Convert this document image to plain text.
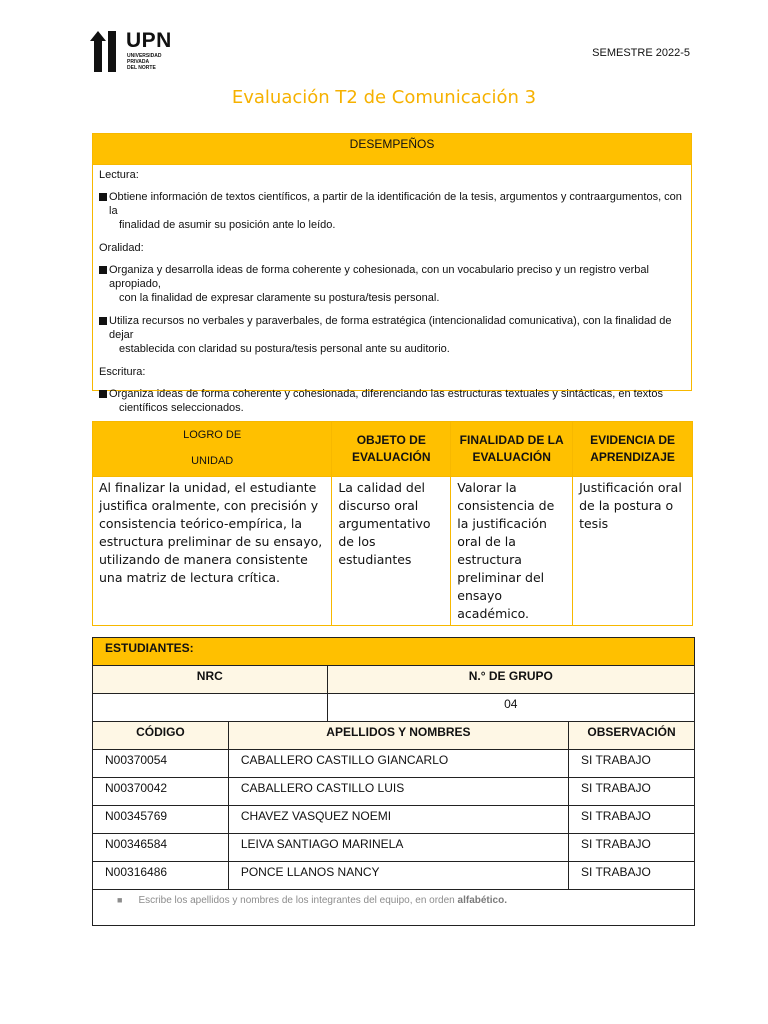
UPN
UNIVERSIDAD
PRIVADA
DEL NORTE
SEMESTRE 2022-5
Evaluación T2 de Comunicación 3
DESEMPEÑOS
Lectura:
Obtiene información de textos científicos, a partir de la identificación de la tesis, argumentos y contraargumentos, con la
finalidad de asumir su posición ante lo leído.
Oralidad:
Organiza y desarrolla ideas de forma coherente y cohesionada, con un vocabulario preciso y un registro verbal apropiado,
con la finalidad de expresar claramente su postura/tesis personal.
Utiliza recursos no verbales y paraverbales, de forma estratégica (intencionalidad comunicativa), con la finalidad de dejar
establecida con claridad su postura/tesis personal ante su auditorio.
Escritura:
Organiza ideas de forma coherente y cohesionada, diferenciando las estructuras textuales y sintácticas, en textos
científicos seleccionados.
LOGRO DE
UNIDAD	OBJETO DE EVALUACIÓN	FINALIDAD DE LA EVALUACIÓN	EVIDENCIA DE APRENDIZAJE
Al finalizar la unidad, el estudiante justifica oralmente, con precisión y consistencia teórico-empírica, la estructura preliminar de su ensayo, utilizando de manera consistente una matriz de lectura crítica.	La calidad del discurso oral argumentativo de los estudiantes	Valorar la consistencia de la justificación oral de la estructura preliminar del ensayo académico.	Justificación oral de la postura o tesis
ESTUDIANTES:			
NRC		N.° DE GRUPO	
		04	
CÓDIGO	APELLIDOS Y NOMBRES		OBSERVACIÓN
N00370054	CABALLERO CASTILLO GIANCARLO		SI TRABAJO
N00370042	CABALLERO CASTILLO LUIS		SI TRABAJO
N00345769	CHAVEZ VASQUEZ NOEMI		SI TRABAJO
N00346584	LEIVA SANTIAGO MARINELA		SI TRABAJO
N00316486	PONCE LLANOS NANCY		SI TRABAJO
■ Escribe los apellidos y nombres de los integrantes del equipo, en orden alfabético.			
